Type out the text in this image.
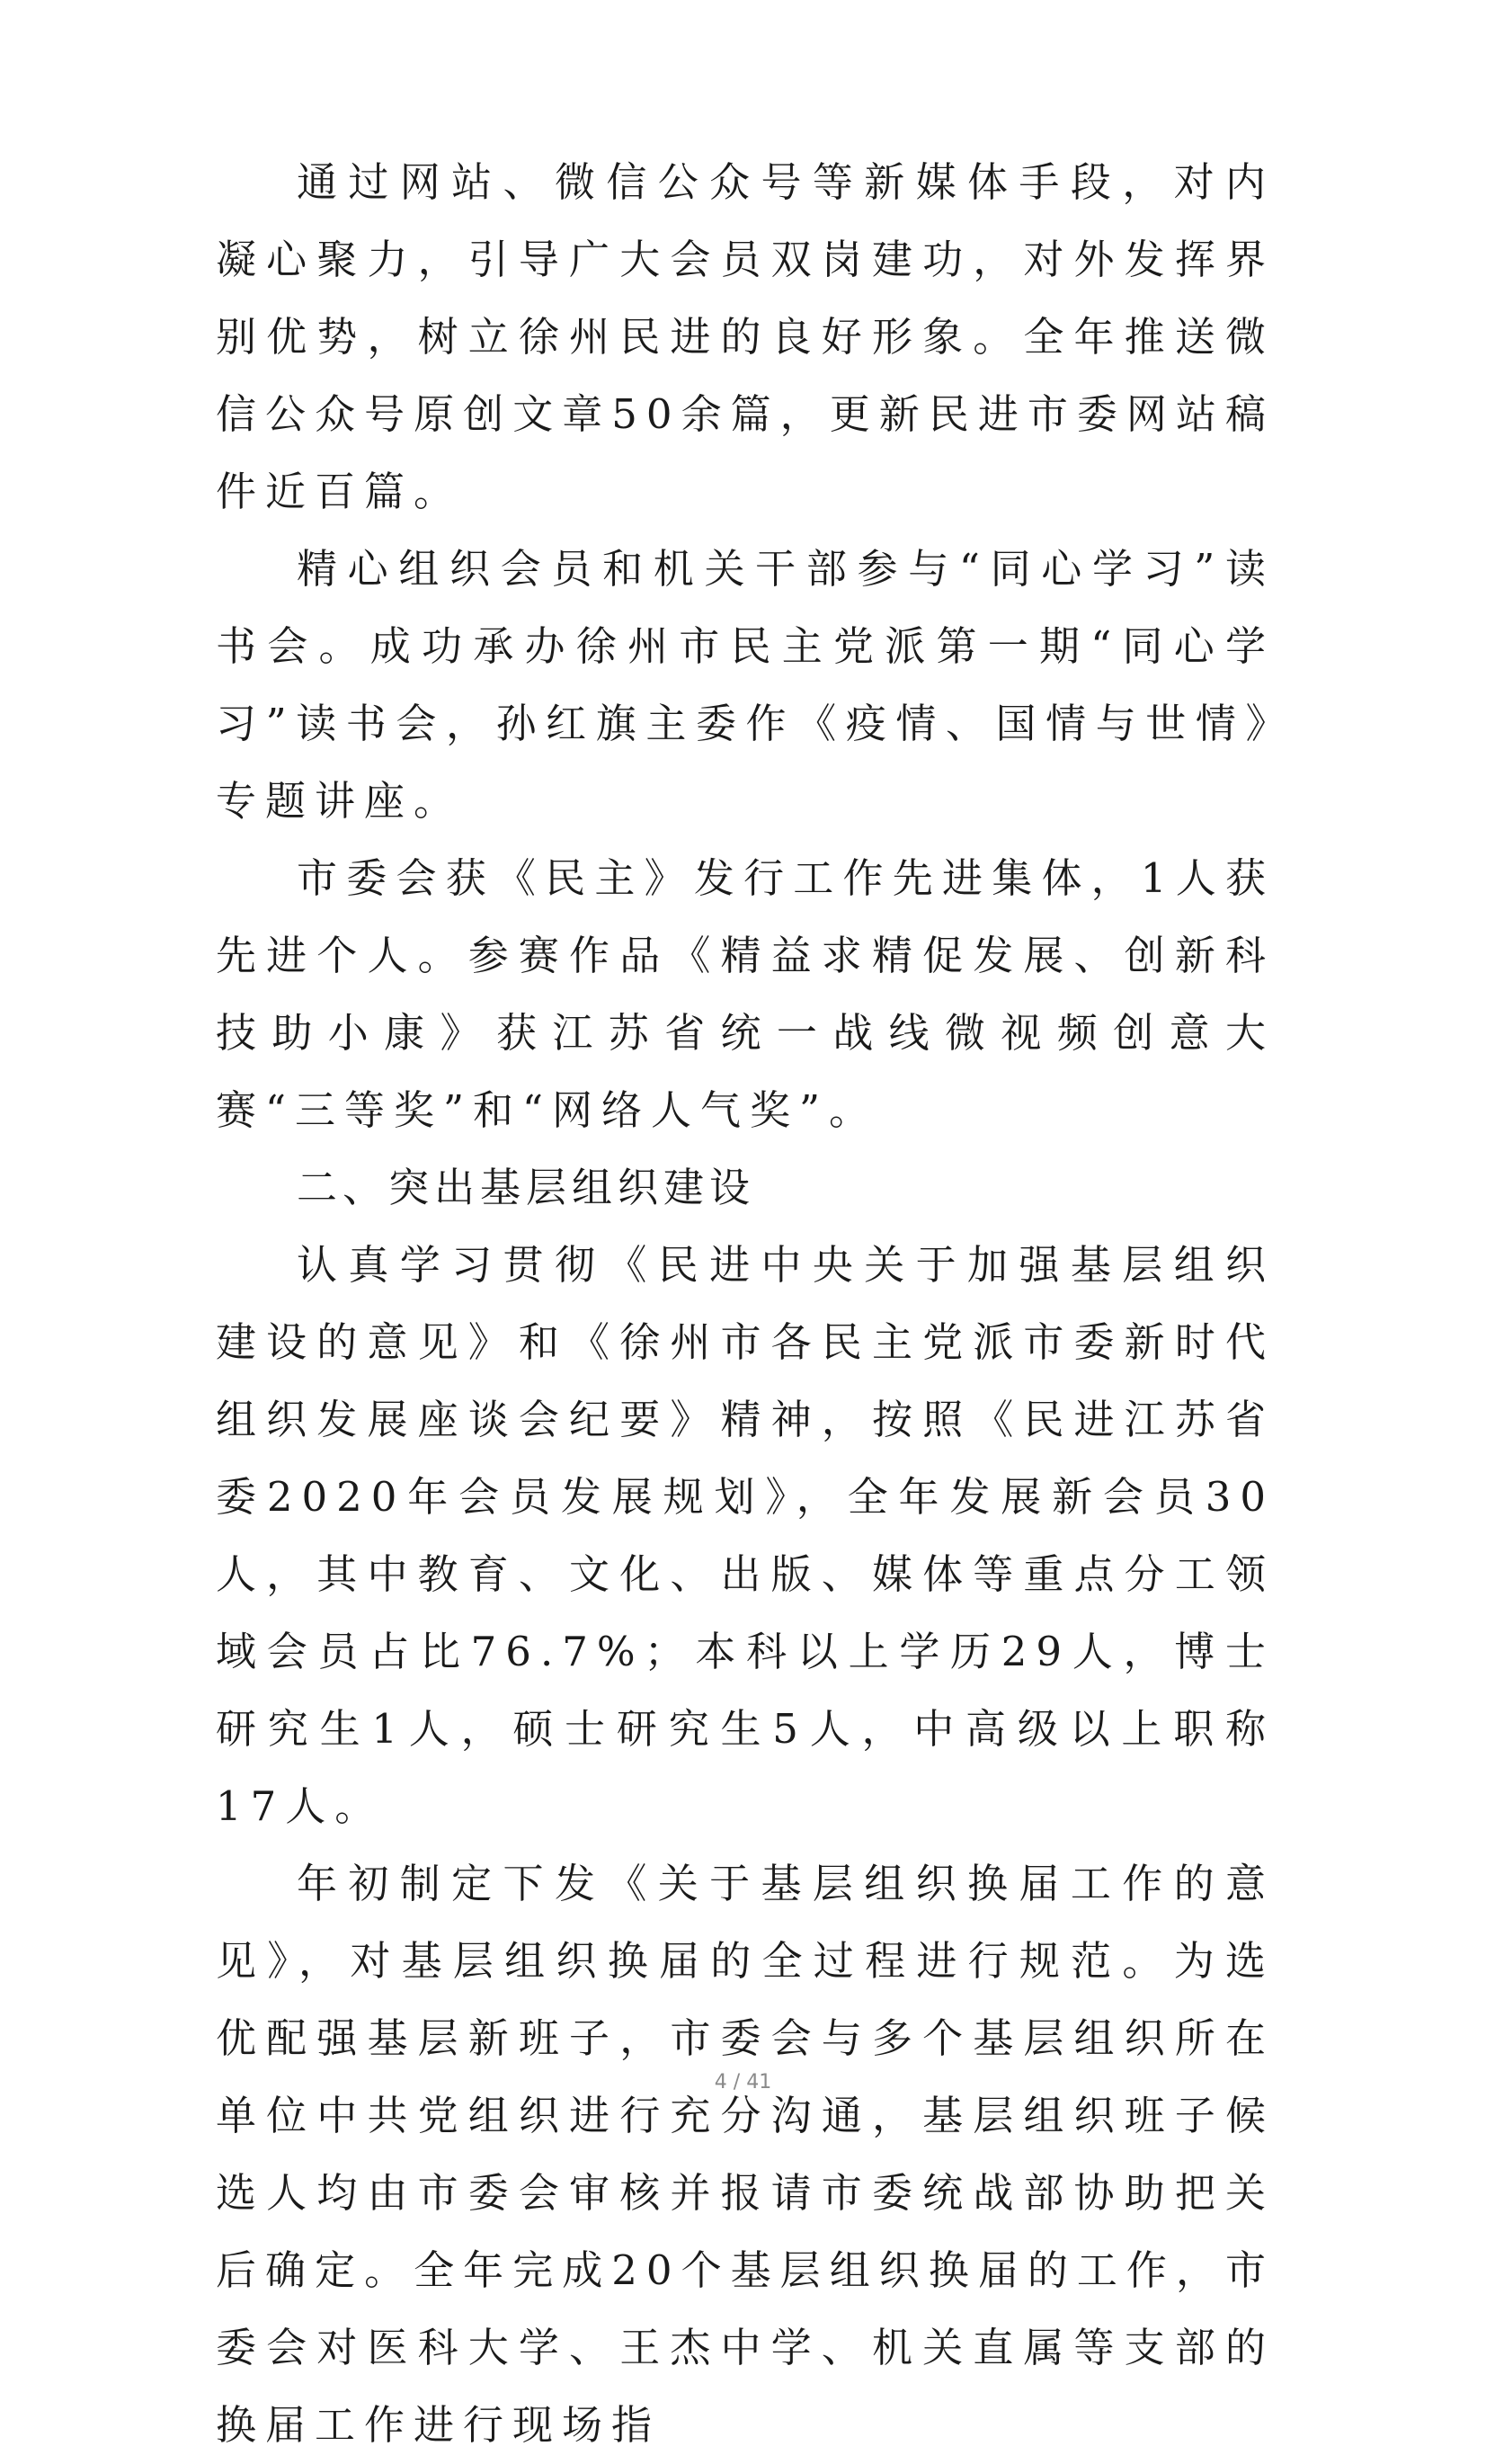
通过网站、微信公众号等新媒体手段，对内凝心聚力，引导广大会员双岗建功，对外发挥界别优势，树立徐州民进的良好形象。全年推送微信公众号原创文章50余篇，更新民进市委网站稿件近百篇。

精心组织会员和机关干部参与“同心学习”读书会。成功承办徐州市民主党派第一期“同心学习”读书会，孙红旗主委作《疫情、国情与世情》专题讲座。

市委会获《民主》发行工作先进集体，1人获先进个人。参赛作品《精益求精促发展、创新科技助小康》获江苏省统一战线微视频创意大赛“三等奖”和“网络人气奖”。

二、突出基层组织建设

认真学习贯彻《民进中央关于加强基层组织建设的意见》和《徐州市各民主党派市委新时代组织发展座谈会纪要》精神，按照《民进江苏省委2020年会员发展规划》，全年发展新会员30人，其中教育、文化、出版、媒体等重点分工领域会员占比76.7%；本科以上学历29人，博士研究生1人，硕士研究生5人，中高级以上职称17人。

年初制定下发《关于基层组织换届工作的意见》，对基层组织换届的全过程进行规范。为选优配强基层新班子，市委会与多个基层组织所在单位中共党组织进行充分沟通，基层组织班子候选人均由市委会审核并报请市委统战部协助把关后确定。全年完成20个基层组织换届的工作，市委会对医科大学、王杰中学、机关直属等支部的换届工作进行现场指

4 / 41
